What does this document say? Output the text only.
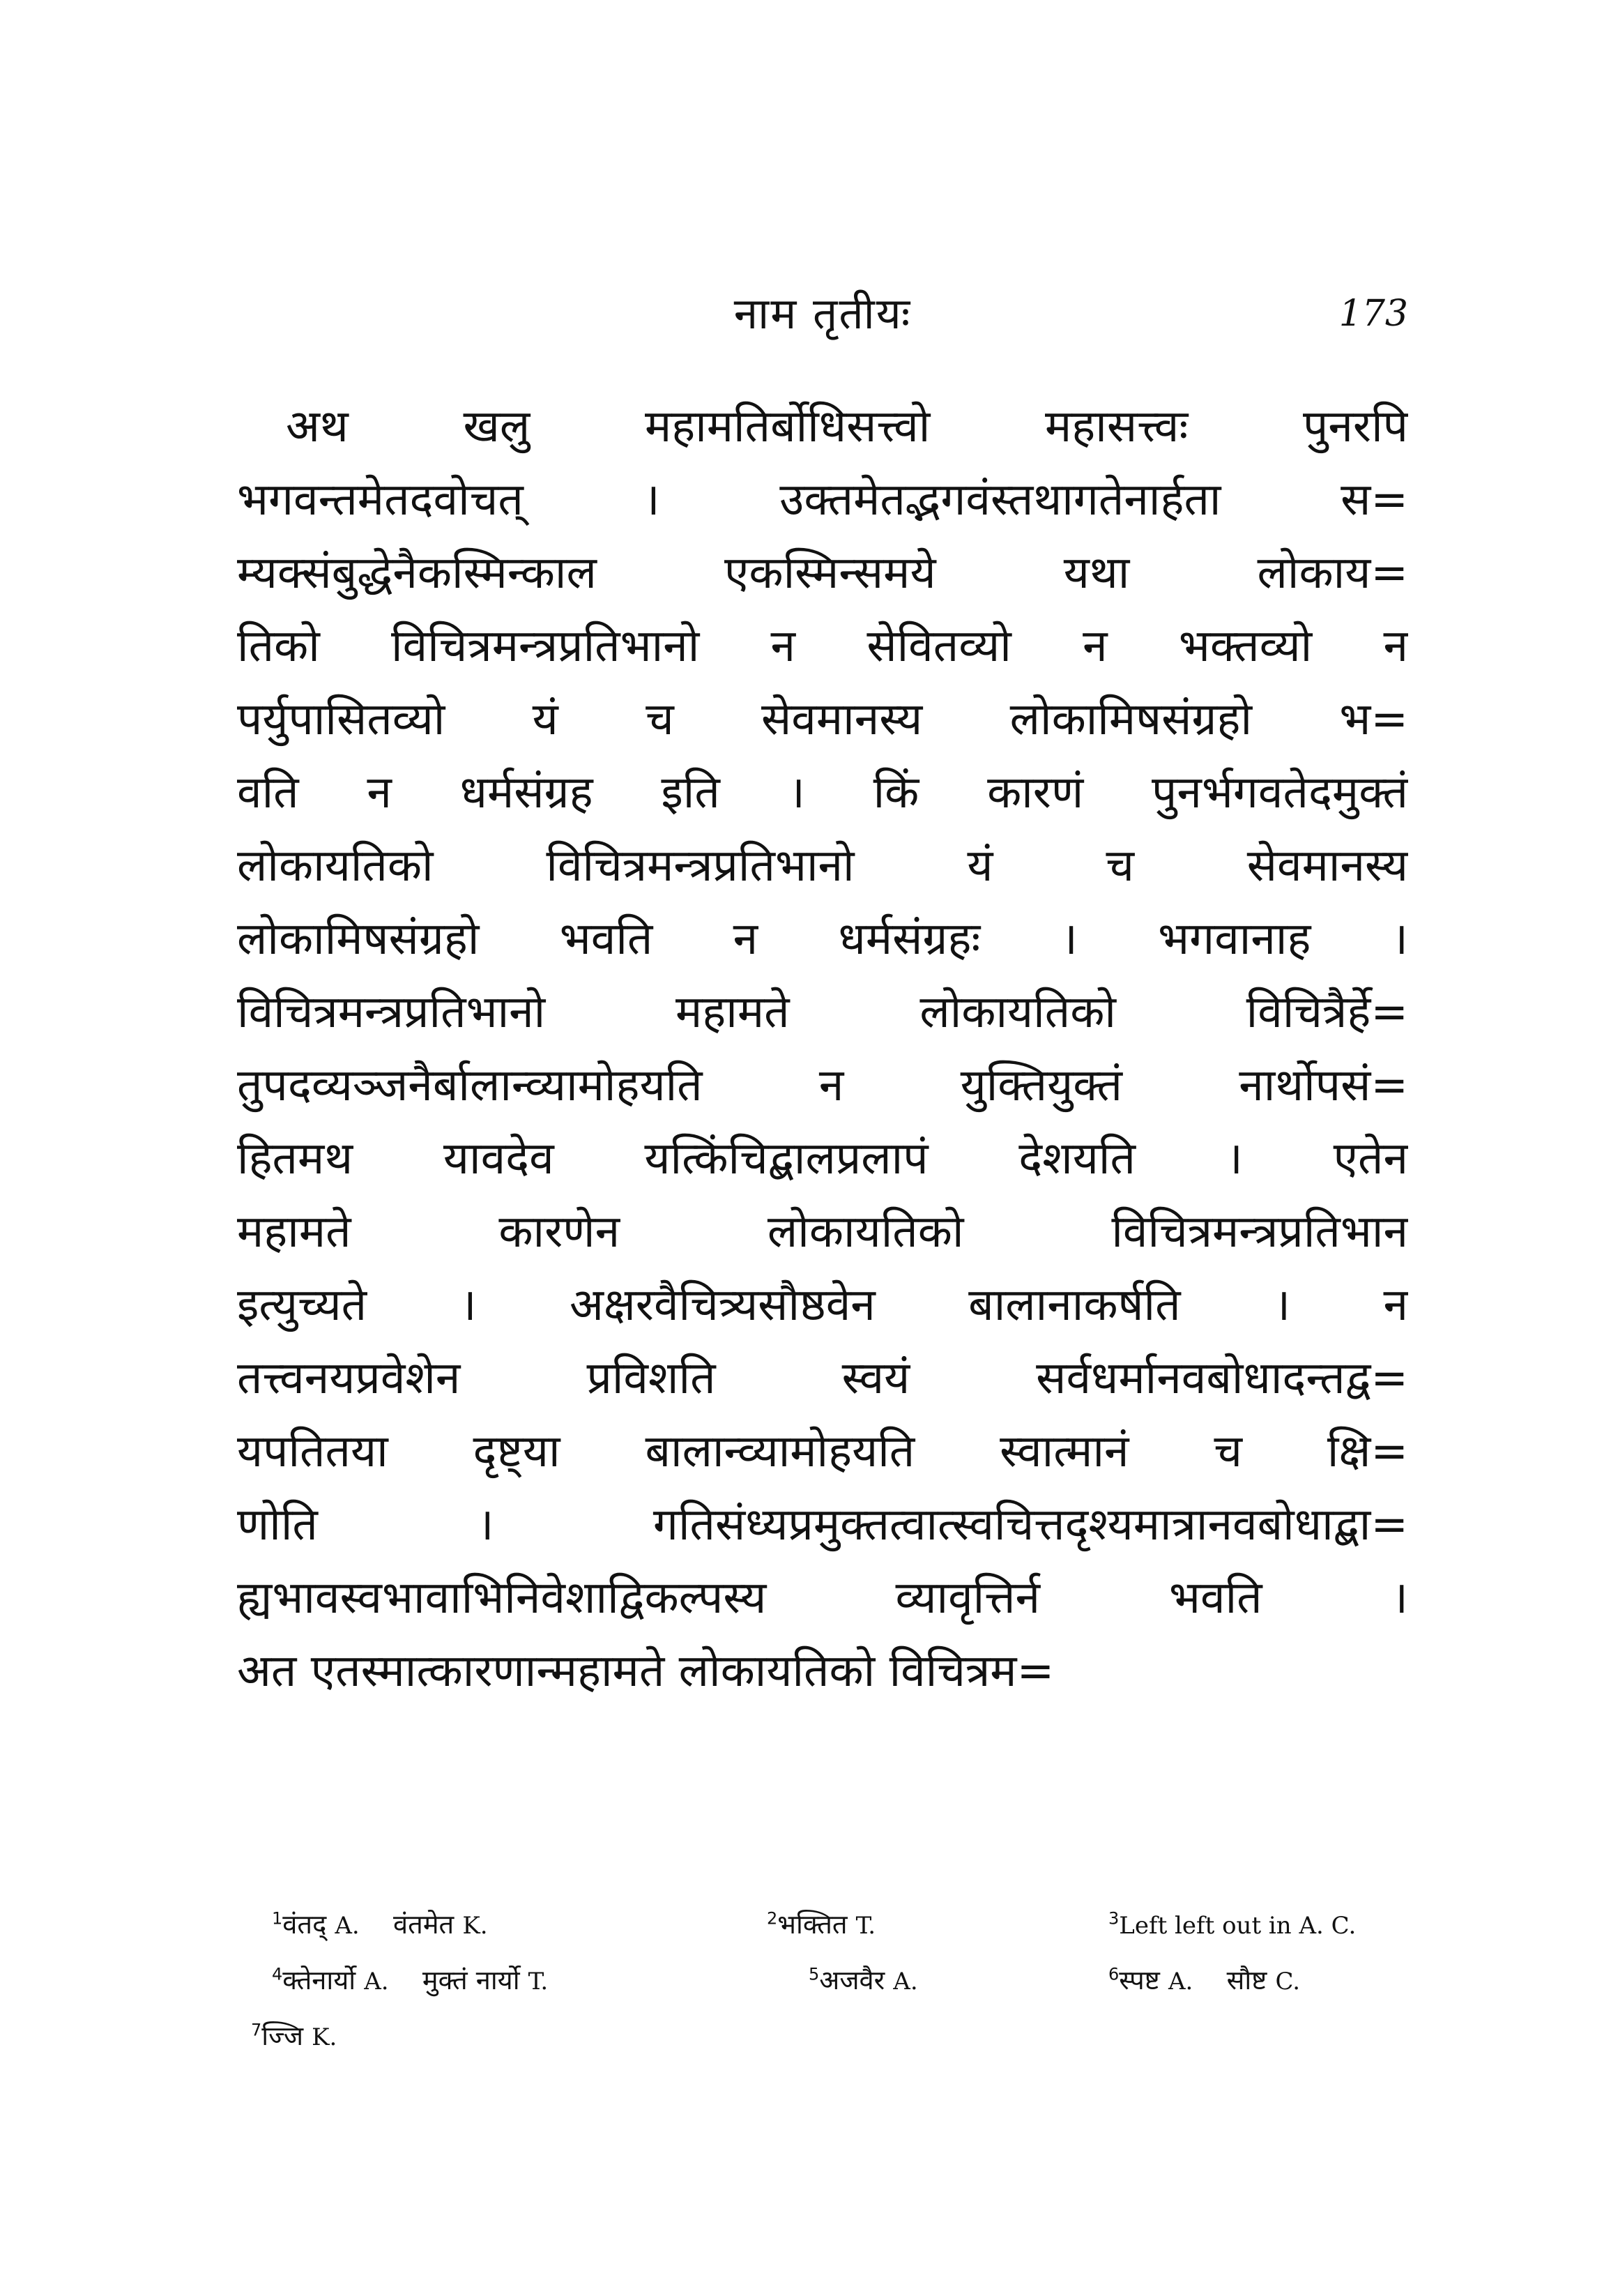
नाम तृतीयः	173
अथ खलु महामतिर्बोधिसत्त्वो महासत्त्वः पुनरपि
भगवन्तमेतदवोचत् । उक्तमेतद्भगवंस्तथागतेनार्हता स=
म्यक्संबुद्धेनैकस्मिन्काल एकस्मिन्समये यथा लोकाय=
तिको विचित्रमन्त्रप्रतिभानो न सेवितव्यो न भक्तव्यो न
पर्युपासितव्यो यं च सेवमानस्य लोकामिषसंग्रहो भ=
वति न धर्मसंग्रह इति । किं कारणं पुनर्भगवतेदमुक्तं
लोकायतिको विचित्रमन्त्रप्रतिभानो यं च सेवमानस्य
लोकामिषसंग्रहो भवति न धर्मसंग्रहः । भगवानाह ।
विचित्रमन्त्रप्रतिभानो महामते लोकायतिको विचित्रैर्हे=
तुपदव्यञ्जनैर्बालान्व्यामोहयति न युक्तियुक्तं नार्थोपसं=
हितमथ यावदेव यत्किंचिद्बालप्रलापं देशयति । एतेन
महामते कारणेन लोकायतिको विचित्रमन्त्रप्रतिभान
इत्युच्यते । अक्षरवैचित्र्यसौष्ठवेन बालानाकर्षति । न
तत्त्वनयप्रवेशेन प्रविशति स्वयं सर्वधर्मानवबोधादन्तद्व=
यपतितया दृष्ट्या बालान्व्यामोहयति स्वात्मानं च क्षि=
णोति । गतिसंध्यप्रमुक्तत्वात्स्वचित्तदृश्यमात्रानवबोधाद्बा=
ह्यभावस्वभावाभिनिवेशाद्विकल्पस्य व्यावृत्तिर्न भवति ।
अत एतस्मात्कारणान्महामते लोकायतिको विचित्रम=
$^1$वंतद् A. वंतमेत K.	$^2$भक्तित T.	$^3$Left left out in A. C.
$^4$क्तेनार्यो A. मुक्तं नार्यो T.	$^5$अजवैर A.	$^6$स्पष्ट A. सौष्ट C.
$^7$ज्जि K.
